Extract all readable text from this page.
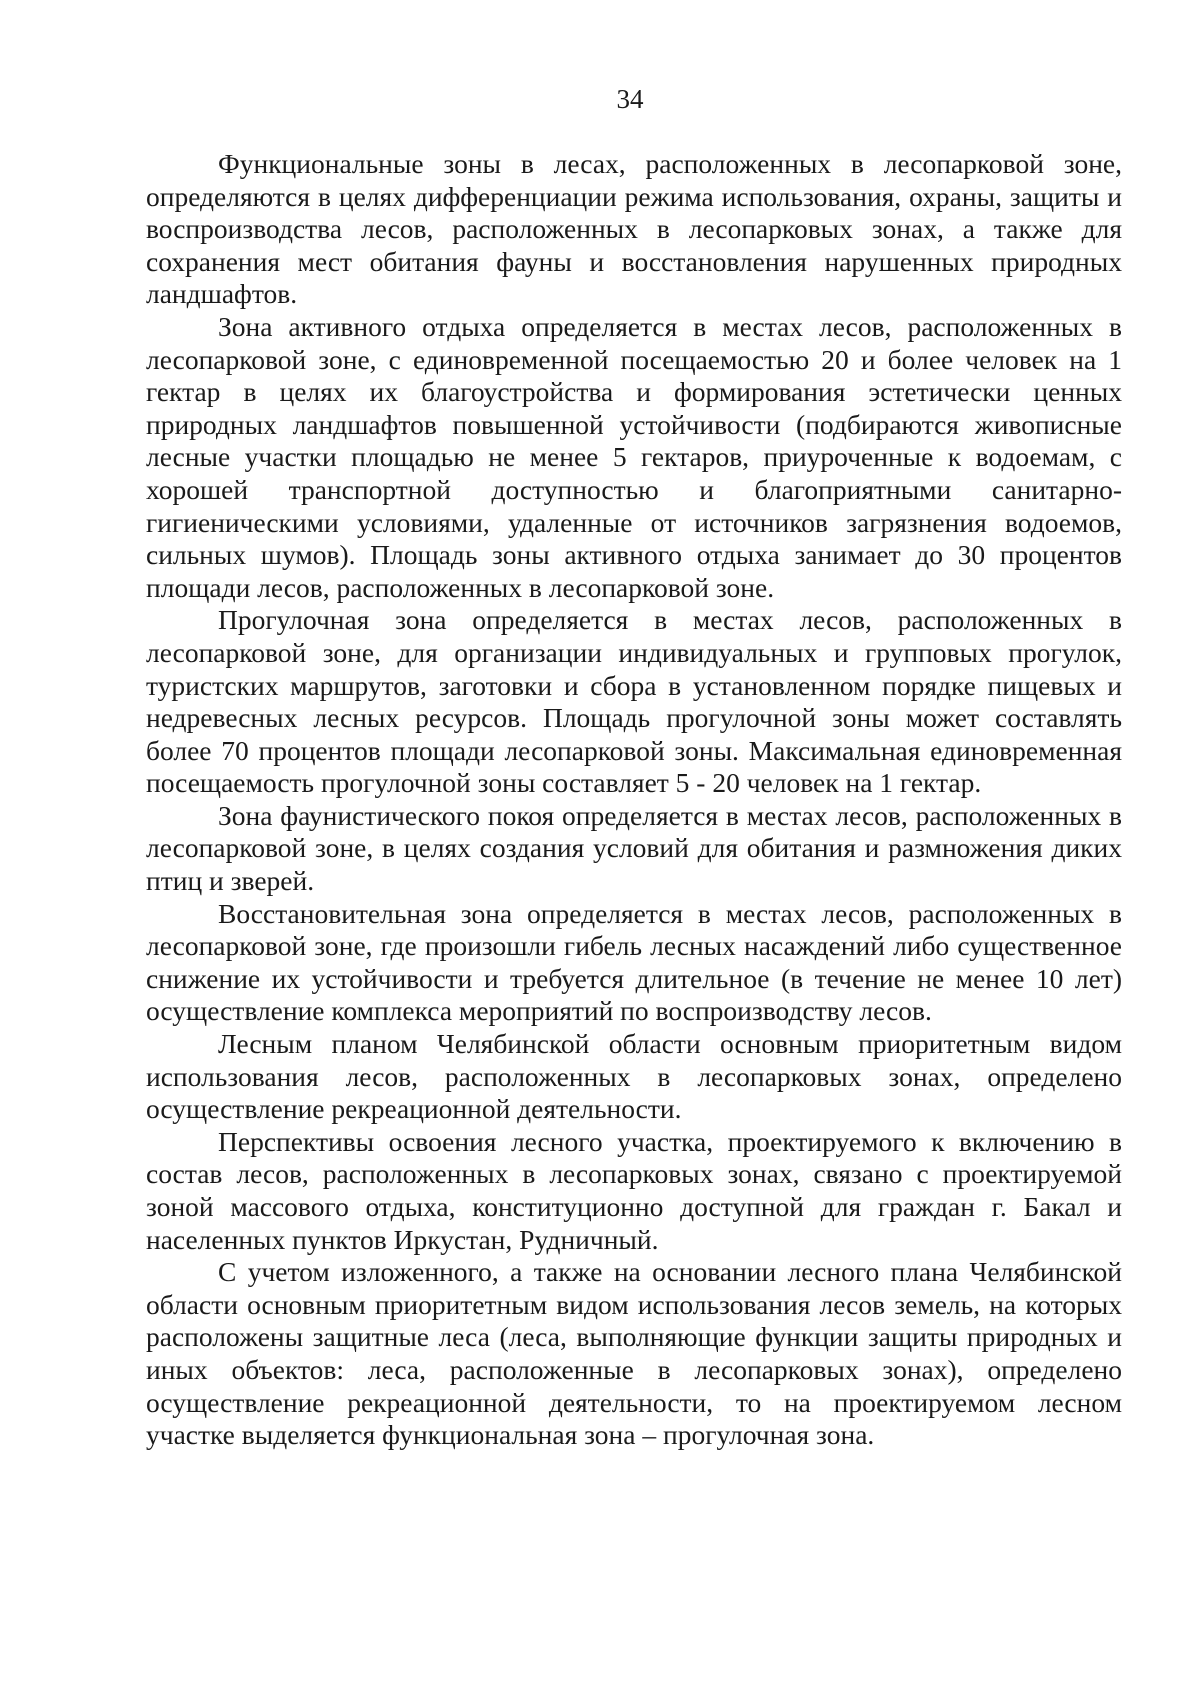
34

Функциональные зоны в лесах, расположенных в лесопарковой зоне, определяются в целях дифференциации режима использования, охраны, защиты и воспроизводства лесов, расположенных в лесопарковых зонах, а также для сохранения мест обитания фауны и восстановления нарушенных природных ландшафтов.

Зона активного отдыха определяется в местах лесов, расположенных в лесопарковой зоне, с единовременной посещаемостью 20 и более человек на 1 гектар в целях их благоустройства и формирования эстетически ценных природных ландшафтов повышенной устойчивости (подбираются живописные лесные участки площадью не менее 5 гектаров, приуроченные к водоемам, с хорошей транспортной доступностью и благоприятными санитарно-гигиеническими условиями, удаленные от источников загрязнения водоемов, сильных шумов). Площадь зоны активного отдыха занимает до 30 процентов площади лесов, расположенных в лесопарковой зоне.

Прогулочная зона определяется в местах лесов, расположенных в лесопарковой зоне, для организации индивидуальных и групповых прогулок, туристских маршрутов, заготовки и сбора в установленном порядке пищевых и недревесных лесных ресурсов. Площадь прогулочной зоны может составлять более 70 процентов площади лесопарковой зоны. Максимальная единовременная посещаемость прогулочной зоны составляет 5 - 20 человек на 1 гектар.

Зона фаунистического покоя определяется в местах лесов, расположенных в лесопарковой зоне, в целях создания условий для обитания и размножения диких птиц и зверей.

Восстановительная зона определяется в местах лесов, расположенных в лесопарковой зоне, где произошли гибель лесных насаждений либо существенное снижение их устойчивости и требуется длительное (в течение не менее 10 лет) осуществление комплекса мероприятий по воспроизводству лесов.

Лесным планом Челябинской области основным приоритетным видом использования лесов, расположенных в лесопарковых зонах, определено осуществление рекреационной деятельности.

Перспективы освоения лесного участка, проектируемого к включению в состав лесов, расположенных в лесопарковых зонах, связано с проектируемой зоной массового отдыха, конституционно доступной для граждан г. Бакал и населенных пунктов Иркустан, Рудничный.

С учетом изложенного, а также на основании лесного плана Челябинской области основным приоритетным видом использования лесов земель, на которых расположены защитные леса (леса, выполняющие функции защиты природных и иных объектов: леса, расположенные в лесопарковых зонах), определено осуществление рекреационной деятельности, то на проектируемом лесном участке выделяется функциональная зона – прогулочная зона.
